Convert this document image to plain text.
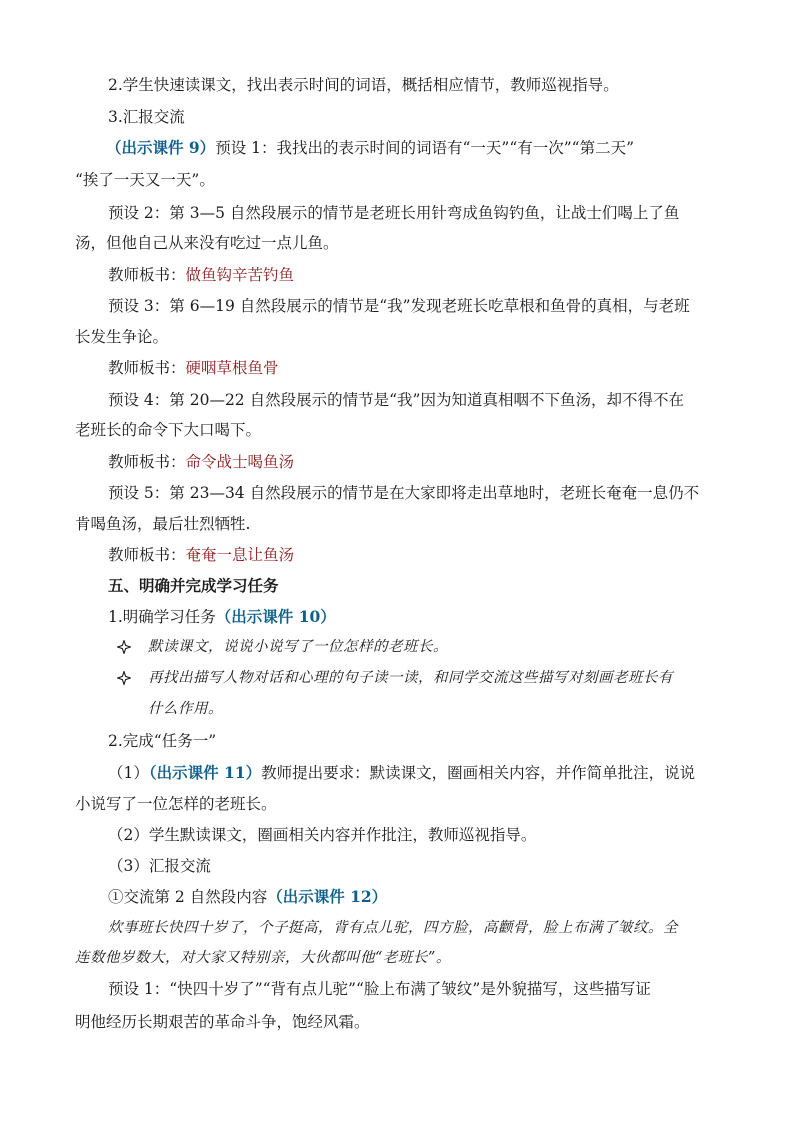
2.学生快速读课文，找出表示时间的词语，概括相应情节，教师巡视指导。
3.汇报交流
（出示课件 9）预设 1：我找出的表示时间的词语有“一天”“有一次”“第二天”
“挨了一天又一天”。
预设 2：第 3—5 自然段展示的情节是老班长用针弯成鱼钩钓鱼，让战士们喝上了鱼
汤，但他自己从来没有吃过一点儿鱼。
教师板书：做鱼钩辛苦钓鱼
预设 3：第 6—19 自然段展示的情节是“我”发现老班长吃草根和鱼骨的真相，与老班
长发生争论。
教师板书：硬咽草根鱼骨
预设 4：第 20—22 自然段展示的情节是“我”因为知道真相咽不下鱼汤，却不得不在
老班长的命令下大口喝下。
教师板书：命令战士喝鱼汤
预设 5：第 23—34 自然段展示的情节是在大家即将走出草地时，老班长奄奄一息仍不
肯喝鱼汤，最后壮烈牺牲.
教师板书：奄奄一息让鱼汤
五、明确并完成学习任务
1.明确学习任务（出示课件 10）
默读课文，说说小说写了一位怎样的老班长。
再找出描写人物对话和心理的句子读一读，和同学交流这些描写对刻画老班长有
什么作用。
2.完成“任务一”
（1）（出示课件 11）教师提出要求：默读课文，圈画相关内容，并作简单批注，说说
小说写了一位怎样的老班长。
（2）学生默读课文，圈画相关内容并作批注，教师巡视指导。
（3）汇报交流
①交流第 2 自然段内容（出示课件 12）
炊事班长快四十岁了，个子挺高，背有点儿驼，四方脸，高颧骨，脸上布满了皱纹。全
连数他岁数大，对大家又特别亲，大伙都叫他“老班长”。
预设 1：“快四十岁了”“背有点儿驼”“脸上布满了皱纹”是外貌描写，这些描写证
明他经历长期艰苦的革命斗争，饱经风霜。
